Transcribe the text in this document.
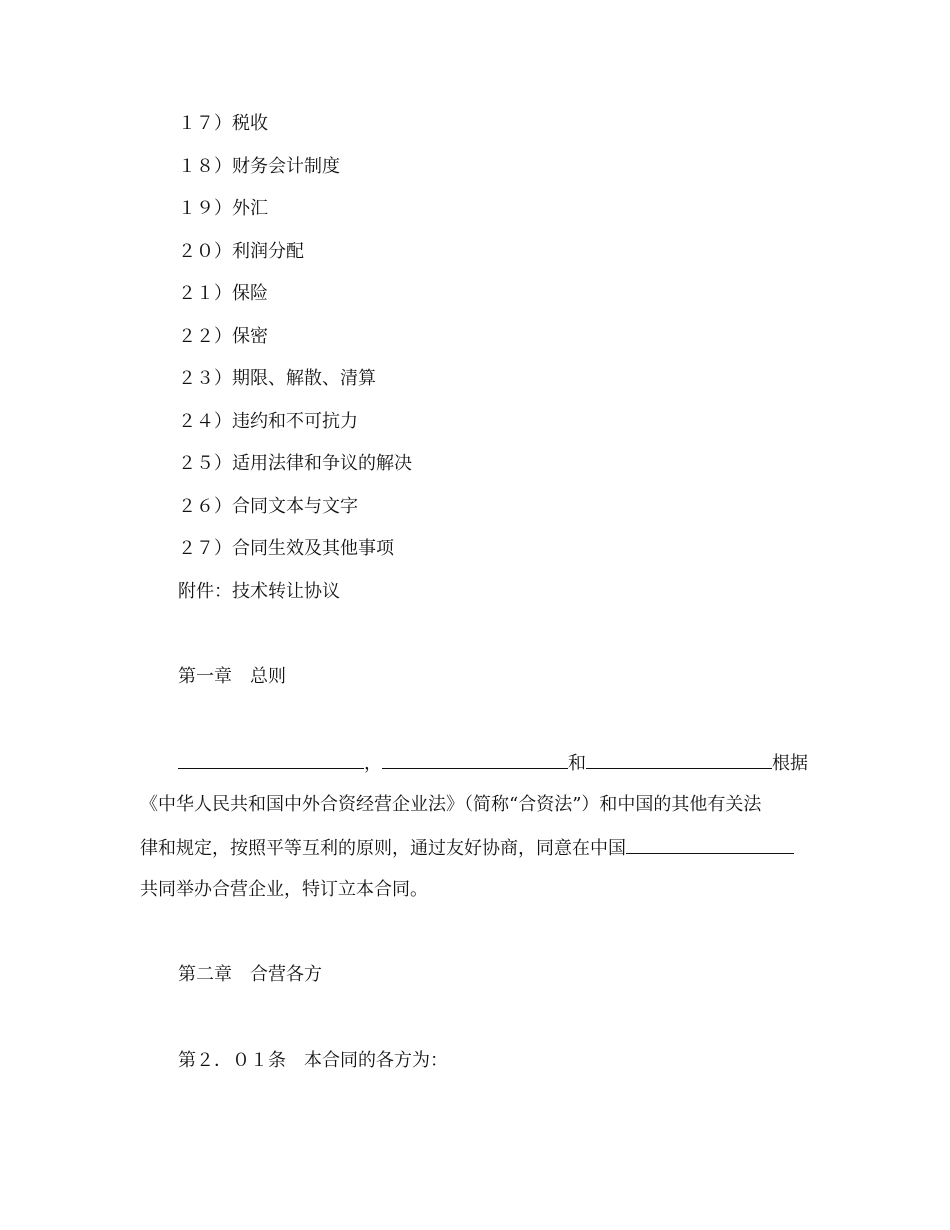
１７）税收
１８）财务会计制度
１９）外汇
２０）利润分配
２１）保险
２２）保密
２３）期限、解散、清算
２４）违约和不可抗力
２５）适用法律和争议的解决
２６）合同文本与文字
２７）合同生效及其他事项
附件：技术转让协议
第一章 总则
，	和	根据
《中华人民共和国中外合资经营企业法》（简称“合资法”）和中国的其他有关法
律和规定，按照平等互利的原则，通过友好协商，同意在中国
共同举办合营企业，特订立本合同。
第二章 合营各方
第２．０１条 本合同的各方为：
